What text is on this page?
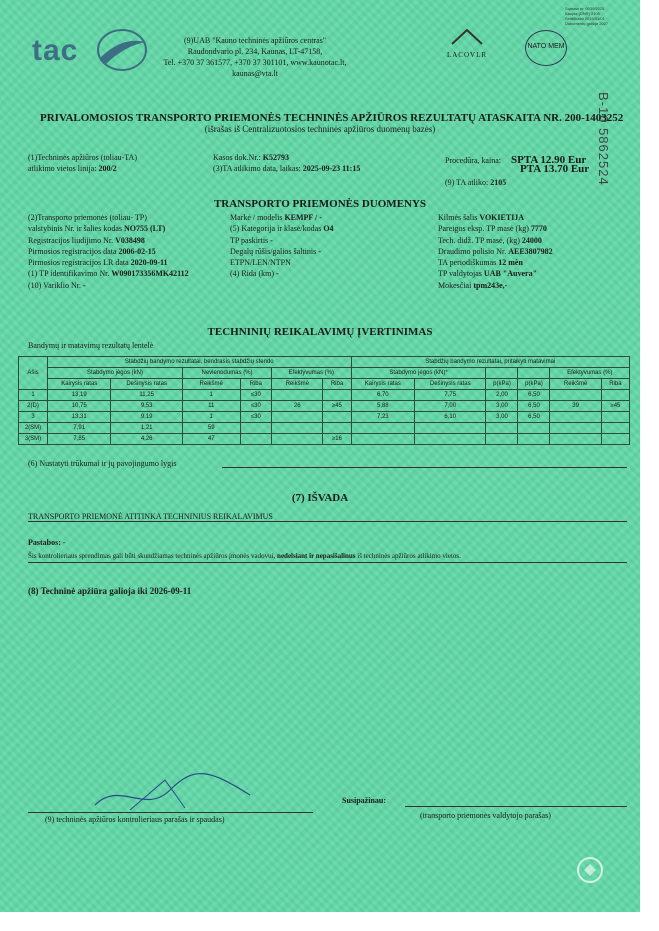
Sąmata nr. 0039/2025
Kaupia (DNR) 2105
Sertifikatai 2015/01/01
Dokumentų galioja 2027
tac	(9)UAB "Kauno techninės apžiūros centras"
Raudondvario pl. 234, Kaunas, LT-47158,
Tel. +370 37 361577, +370 37 301101, www.kaunotac.lt,
kaunas@vta.lt
LACOVLR
NATO MEM
B-10 5862524
PRIVALOMOSIOS TRANSPORTO PRIEMONĖS TECHNINĖS APŽIŪROS REZULTATŲ ATASKAITA NR. 200-1403252
(išrašas iš Centralizuotosios techninės apžiūros duomenų bazės)
(1)Techninės apžiūros (toliau-TA)
atlikimo vietos linija: 200/2
Kasos dok.Nr.: K52793
(3)TA atlikimo data, laikas: 2025-09-23 11:15
Procedūra, kaina: SPTA 12.90 Eur
PTA 13.70 Eur
(9) TA atliko: 2105
TRANSPORTO PRIEMONĖS DUOMENYS
(2)Transporto priemonės (toliau- TP)
valstybinis Nr. ir šalies kodas NO755 (LT)
Registracijos liudijimo Nr. V038498
Pirmosios registracijos data 2006-02-15
Pirmosios registracijos LR data 2020-09-11
(1) TP identifikavimo Nr. W090173356MK42112
(10) Variklio Nr. -
Markė / modelis KEMPF / -
(5) Kategorija ir klasė/kodas O4
TP paskirtis -
Degalų rūšis/galios šaltinis -
ETPN/LEN/NTPN
(4) Rida (km) -
Kilmės šalis VOKIETIJA
Pareigos eksp. TP masė (kg) 7770
Tech. didž. TP masė, (kg) 24000
Draudimo polisio Nr. AEE3807982
TA periodiškumas 12 mėn
TP valdytojas UAB "Auvera"
Mokesčiai tpm243e,-
TECHNINIŲ REIKALAVIMŲ ĮVERTINIMAS
Bandymų ir matavimų rezultatų lentelė
Ašis	Stabdžių bandymo rezultatai, bendrasis stabdžių stendo						Stabdžių bandymo rezultatai, pritaikyti matavimai					
	Stabdymo jėgos (kN)		Nevienodumas (%)		Efektyvumas (%)		Stabdymo jėgos (kN)*				Efektyvumas (%)	
	Kairysis ratas	Dešinysis ratas	Reikšmė	Riba	Reikšmė	Riba	Kairysis ratas	Dešinysis ratas	p(kPa)	p(kPa)	Reikšmė	Riba
1	13,19	11,25	1	≤30			6,70	7,75	2,00	6,50		
2(D)	10,75	9,53	11	≤30	26	≥45	5,88	7,00	3,00	6,50	39	≥45
3	13,31	9,19	1	≤30			7,23	6,10	3,00	6,50		
2(SM)	7,91	1,21	59									
3(SM)	7,85	4,26	47			≥16						
(6) Nustatyti trūkumai ir jų pavojingumo lygis
(7) IŠVADA
TRANSPORTO PRIEMONĖ ATITINKA TECHNINIUS REIKALAVIMUS
Pastabos: -
Šis kontrolieriaus sprendimas gali būti skundžiamas techninės apžiūros įmonės vadovui, nedelsiant ir nepasišalinus iš techninės apžiūros atlikimo vietos.
(8) Techninė apžiūra galioja iki 2026-09-11
Susipažinau:
(9) techninės apžiūros kontrolieriaus parašas ir spaudas)	(transporto priemonės valdytojo parašas)
